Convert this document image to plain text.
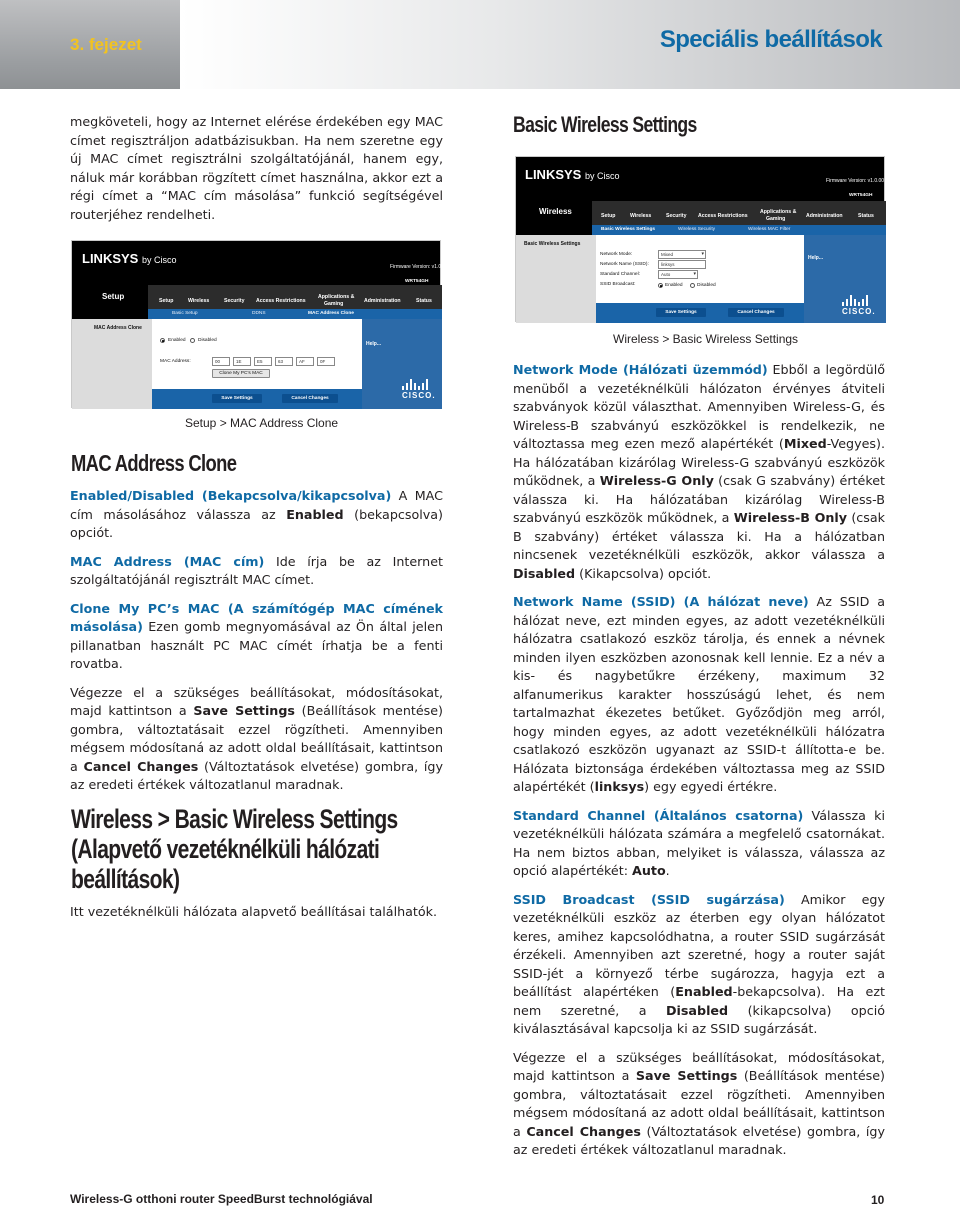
3. fejezet	Speciális beállítások
megköveteli, hogy az Internet elérése érdekében egy MAC címet regisztráljon adatbázisukban. Ha nem szeretne egy új MAC címet regisztrálni szolgáltatójánál, hanem egy, náluk már korábban rögzített címet használna, akkor ezt a régi címet a “MAC cím másolása” funkció segítségével routerjéhez rendelheti.
LINKSYS by Cisco
Firmware Version: v1.0.00
Setup
WRT54GH
Setup	Wireless	Security Access Restrictions
Applications &
Gaming	Administration	Status
Basic Setup	DDNS	MAC Address Clone
MAC Address Clone
Help...
Enabled	Disabled
MAC Address:	00	1E	E5	63	AF	0F
Clone My PC's MAC
Save Settings	Cancel Changes	CISCO.
Setup > MAC Address Clone
MAC Address Clone
Enabled/Disabled (Bekapcsolva/kikapcsolva) A MAC cím másolásához válassza az Enabled (bekapcsolva) opciót.
MAC Address (MAC cím) Ide írja be az Internet szolgáltatójánál regisztrált MAC címet.
Clone My PC’s MAC (A számítógép MAC címének másolása) Ezen gomb megnyomásával az Ön által jelen pillanatban használt PC MAC címét írhatja be a fenti rovatba.
Végezze el a szükséges beállításokat, módosításokat, majd kattintson a Save Settings (Beállítások mentése) gombra, változtatásait ezzel rögzítheti. Amennyiben mégsem módosítaná az adott oldal beállításait, kattintson a Cancel Changes (Változtatások elvetése) gombra, így az eredeti értékek változatlanul maradnak.
Wireless > Basic Wireless Settings
(Alapvető vezetéknélküli hálózati
beállítások)
Itt vezetéknélküli hálózata alapvető beállításai találhatók.
Basic Wireless Settings
LINKSYS by Cisco	Firmware Version: v1.0.00
Wireless
WRT54GH
Setup	Wireless	Security Access Restrictions
Applications &
Gaming	Administration	Status
Basic Wireless Settings	Wireless Security	Wireless MAC Filter
Basic Wireless Settings
Help...
Network Mode:	Mixed	▾
Network Name (SSID):	linksys
Standard Channel:	Auto	▾
SSID Broadcast:	Enabled	Disabled
Save Settings	Cancel Changes	CISCO.
Wireless > Basic Wireless Settings
Network Mode (Hálózati üzemmód) Ebből a legördülő menüből a vezetéknélküli hálózaton érvényes átviteli szabványok közül választhat. Amennyiben Wireless-G, és Wireless-B szabványú eszközökkel is rendelkezik, ne változtassa meg ezen mező alapértékét (Mixed-Vegyes). Ha hálózatában kizárólag Wireless-G szabványú eszközök működnek, a Wireless-G Only (csak G szabvány) értéket válassza ki. Ha hálózatában kizárólag Wireless-B szabványú eszközök működnek, a Wireless-B Only (csak B szabvány) értéket válassza ki. Ha a hálózatban nincsenek vezetéknélküli eszközök, akkor válassza a Disabled (Kikapcsolva) opciót.
Network Name (SSID) (A hálózat neve) Az SSID a hálózat neve, ezt minden egyes, az adott vezetéknélküli hálózatra csatlakozó eszköz tárolja, és ennek a névnek minden ilyen eszközben azonosnak kell lennie. Ez a név a kis- és nagybetűkre érzékeny, maximum 32 alfanumerikus karakter hosszúságú lehet, és nem tartalmazhat ékezetes betűket. Győződjön meg arról, hogy minden egyes, az adott vezetéknélküli hálózatra csatlakozó eszközön ugyanazt az SSID-t állította-e be. Hálózata biztonsága érdekében változtassa meg az SSID alapértékét (linksys) egy egyedi értékre.
Standard Channel (Általános csatorna) Válassza ki vezetéknélküli hálózata számára a megfelelő csatornákat. Ha nem biztos abban, melyiket is válassza, válassza az opció alapértékét: Auto.
SSID Broadcast (SSID sugárzása) Amikor egy vezetéknélküli eszköz az éterben egy olyan hálózatot keres, amihez kapcsolódhatna, a router SSID sugárzását érzékeli. Amennyiben azt szeretné, hogy a router saját SSID-jét a környező térbe sugározza, hagyja ezt a beállítást alapértéken (Enabled-bekapcsolva). Ha ezt nem szeretné, a Disabled (kikapcsolva) opció kiválasztásával kapcsolja ki az SSID sugárzását.
Végezze el a szükséges beállításokat, módosításokat, majd kattintson a Save Settings (Beállítások mentése) gombra, változtatásait ezzel rögzítheti. Amennyiben mégsem módosítaná az adott oldal beállításait, kattintson a Cancel Changes (Változtatások elvetése) gombra, így az eredeti értékek változatlanul maradnak.
Wireless-G otthoni router SpeedBurst technológiával	10
